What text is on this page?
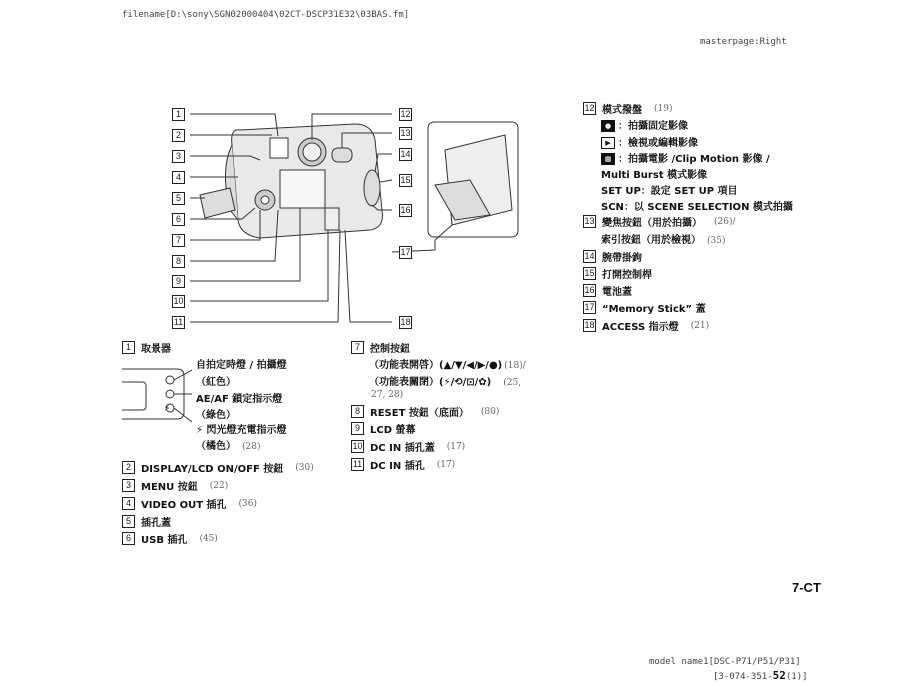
filename[D:\sony\SGN02000404\02CT-DSCP31E32\03BAS.fm]
masterpage:Right
1
2
3
4
5
6
7
8
9
10
11
12
13
14
15
16
17
18
1	取景器
⚡
自拍定時燈 / 拍攝燈
（紅色）
AE/AF 鎖定指示燈
（綠色）
⚡ 閃光燈充電指示燈
（橘色） (28)
2	DISPLAY/LCD ON/OFF 按鈕 (30)
3	MENU 按鈕 (22)
4	VIDEO OUT 插孔 (36)
5	插孔蓋
6	USB 插孔 (45)
7	控制按鈕
（功能表開啓）(▲/▼/◀/▶/●) (18)/
（功能表關閉）(⚡/⟲/⊡/✿) (25,
27, 28)
8	RESET 按鈕（底面） (80)
9	LCD 螢幕
10 DC IN 插孔蓋 (17)
11 DC IN 插孔 (17)
12 模式撥盤 (19)
● ：拍攝固定影像
▶ ：檢視或編輯影像
▦ ：拍攝電影 /Clip Motion 影像 /
Multi Burst 模式影像
SET UP：設定 SET UP 項目
SCN：以 SCENE SELECTION 模式拍攝
13 變焦按鈕（用於拍攝） (26)/
索引按鈕（用於檢視） (35)
14 腕帶掛鉤
15 打開控制桿
16 電池蓋
17 “Memory Stick” 蓋
18 ACCESS 指示燈 (21)
7-CT
model name1[DSC-P71/P51/P31]
[3-074-351-52(1)]
